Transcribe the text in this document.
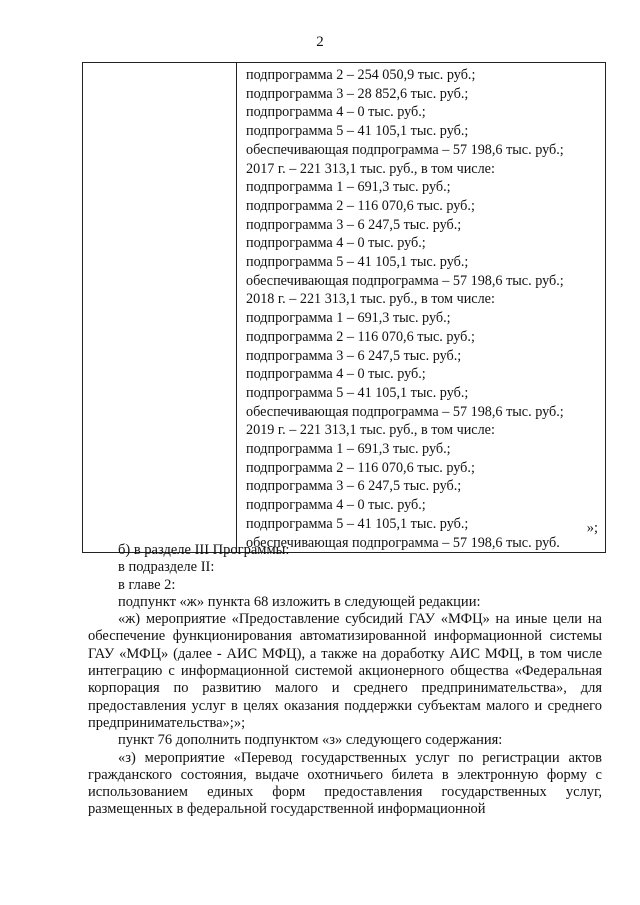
2

подпрограмма 2 – 254 050,9 тыс. руб.;
подпрограмма 3 – 28 852,6 тыс. руб.;
подпрограмма 4 – 0 тыс. руб.;
подпрограмма 5 – 41 105,1 тыс. руб.;
обеспечивающая подпрограмма – 57 198,6 тыс. руб.;
2017 г. – 221 313,1 тыс. руб., в том числе:
подпрограмма 1 – 691,3 тыс. руб.;
подпрограмма 2 – 116 070,6 тыс. руб.;
подпрограмма 3 – 6 247,5 тыс. руб.;
подпрограмма 4 – 0 тыс. руб.;
подпрограмма 5 – 41 105,1 тыс. руб.;
обеспечивающая подпрограмма – 57 198,6 тыс. руб.;
2018 г. – 221 313,1 тыс. руб., в том числе:
подпрограмма 1 – 691,3 тыс. руб.;
подпрограмма 2 – 116 070,6 тыс. руб.;
подпрограмма 3 – 6 247,5 тыс. руб.;
подпрограмма 4 – 0 тыс. руб.;
подпрограмма 5 – 41 105,1 тыс. руб.;
обеспечивающая подпрограмма – 57 198,6 тыс. руб.;
2019 г. – 221 313,1 тыс. руб., в том числе:
подпрограмма 1 – 691,3 тыс. руб.;
подпрограмма 2 – 116 070,6 тыс. руб.;
подпрограмма 3 – 6 247,5 тыс. руб.;
подпрограмма 4 – 0 тыс. руб.;
подпрограмма 5 – 41 105,1 тыс. руб.;
обеспечивающая подпрограмма – 57 198,6 тыс. руб.
»;

б) в разделе III Программы:

в подразделе II:

в главе 2:

подпункт «ж» пункта 68 изложить в следующей редакции:

«ж) мероприятие «Предоставление субсидий ГАУ «МФЦ» на иные цели на обеспечение функционирования автоматизированной информационной системы ГАУ «МФЦ» (далее - АИС МФЦ), а также на доработку АИС МФЦ, в том числе интеграцию с информационной системой акционерного общества «Федеральная корпорация по развитию малого и среднего предпринимательства», для предоставления услуг в целях оказания поддержки субъектам малого и среднего предпринимательства»;»;

пункт 76 дополнить подпунктом «з» следующего содержания:

«з) мероприятие «Перевод государственных услуг по регистрации актов гражданского состояния, выдаче охотничьего билета в электронную форму с использованием единых форм предоставления государственных услуг, размещенных в федеральной государственной информационной
